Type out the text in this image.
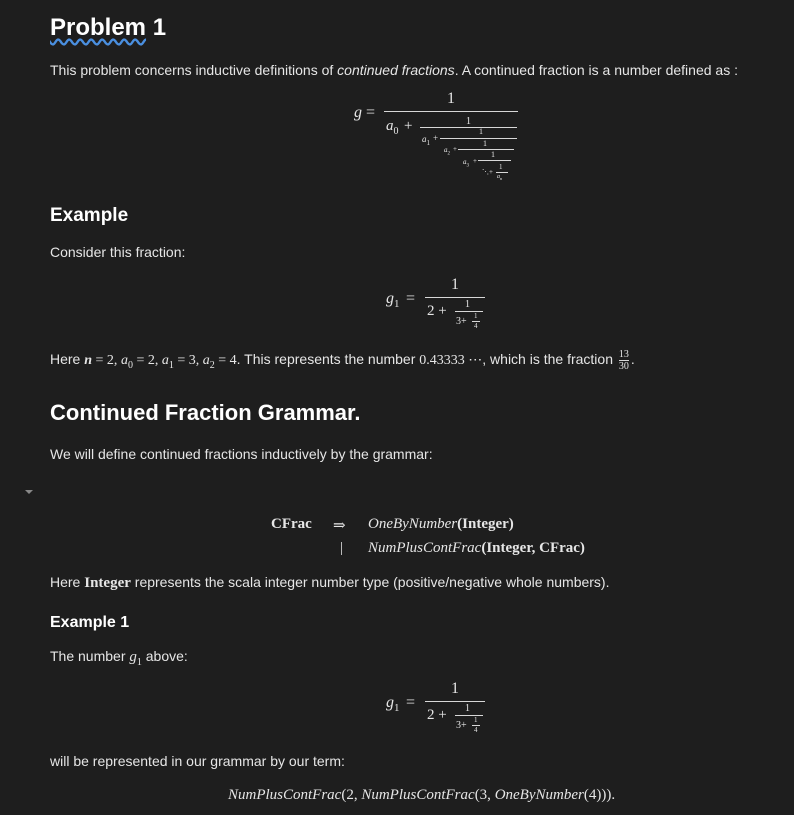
Problem 1
This problem concerns inductive definitions of continued fractions. A continued fraction is a number defined as :
g =
1
$a_0$ +	1
$a_1$ +
1
$a_2$
+
1
$a_3$
+
1
⋱+
1
$a_n$
Example
Consider this fraction:
$g_1$ =
1
2 + 1
3+ 1
4
Here n = 2, $a_0 = 2$, $a_1 = 3$, $a_2 = 4$. This represents the number 0.43333 ⋯, which is the fraction $\frac{13}{30}$ .
Continued Fraction Grammar.
We will define continued fractions inductively by the grammar:
CFrac ⇒ OneByNumber(Integer)
| NumPlusContFrac(Integer, CFrac)
Here Integer represents the scala integer number type (positive/negative whole numbers).
Example 1
The number $g_1$ above:
$g_1$ =
1
2 + 1
3+ 1
4
will be represented in our grammar by our term:
NumPlusContFrac(2, NumPlusContFrac(3, OneByNumber(4))).
